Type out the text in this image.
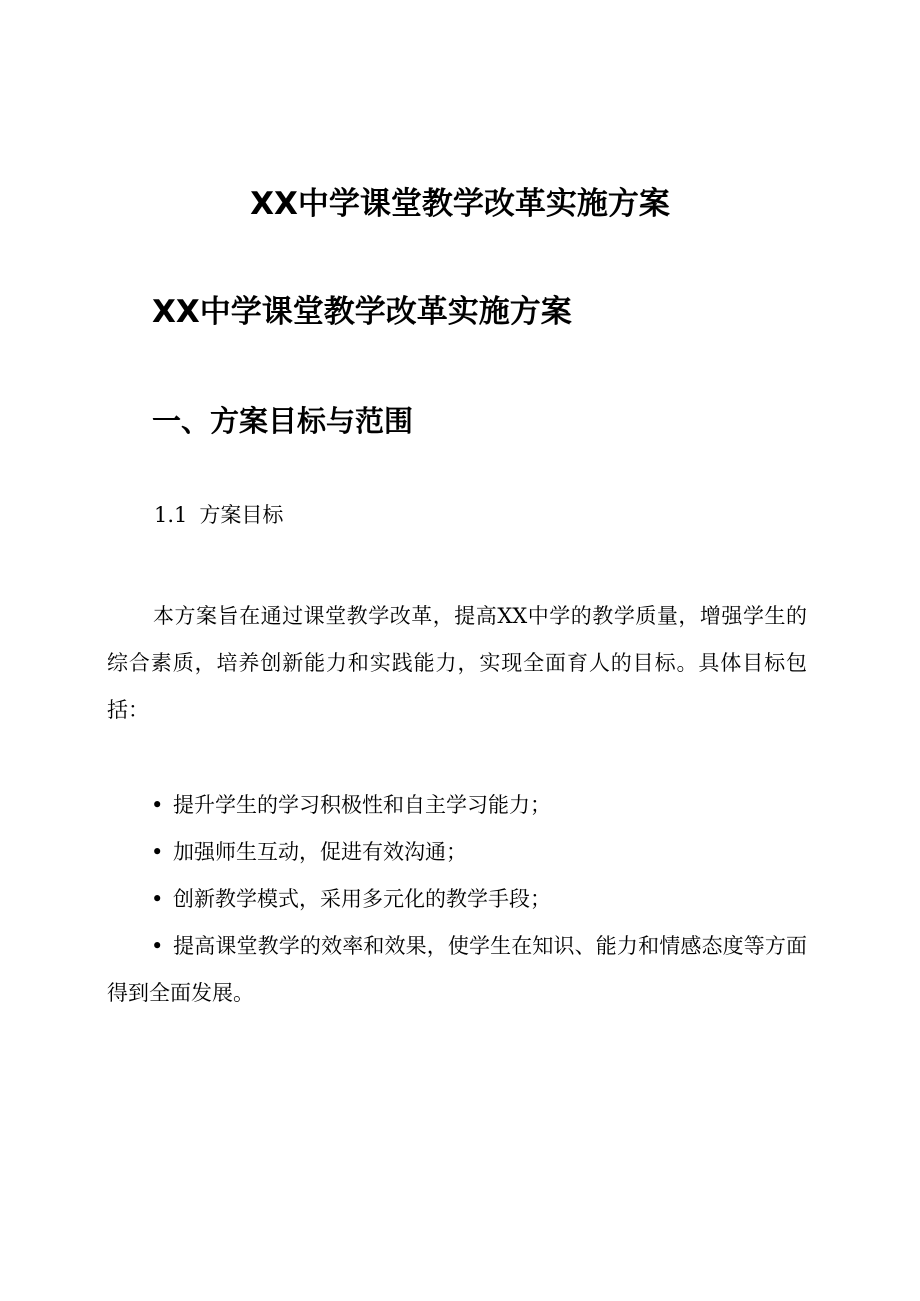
XX中学课堂教学改革实施方案
XX中学课堂教学改革实施方案
一、方案目标与范围
1.1 方案目标
本方案旨在通过课堂教学改革，提高XX中学的教学质量，增强学生的综合素质，培养创新能力和实践能力，实现全面育人的目标。具体目标包括：
• 提升学生的学习积极性和自主学习能力；
• 加强师生互动，促进有效沟通；
• 创新教学模式，采用多元化的教学手段；
• 提高课堂教学的效率和效果，使学生在知识、能力和情感态度等方面得到全面发展。
